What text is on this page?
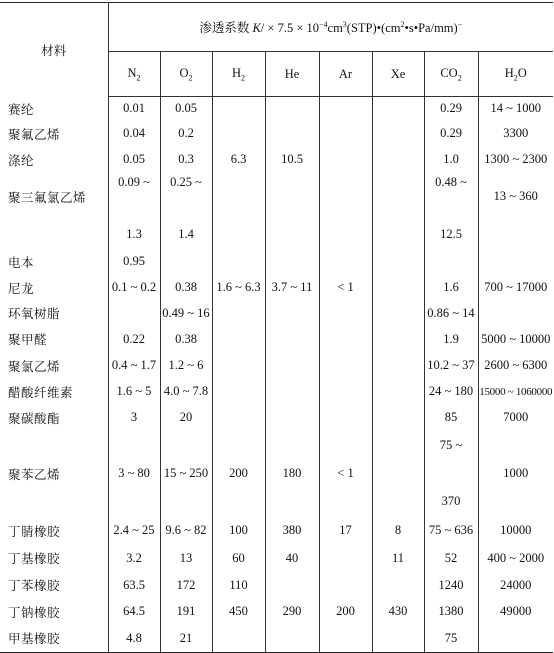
材料	渗透系数 $K/ \times 7.5 \times 10^{-4}cm^3(STP)•(cm^2•s•Pa/mm)^-$
	$N_2$	$O_2$	$H_2$	He	Ar	Xe	$CO_2$	$H_2O$
赛纶	0.01	0.05					0.29	14 ~ 1000
聚氟乙烯	0.04	0.2					0.29	3300
涤纶	0.05	0.3	6.3	10.5			1.0	1300 ~ 2300
聚三氟氯乙烯	0.09 ~	0.25 ~					0.48 ~	13 ~ 360

	1.3	1.4					12.5	
电本	0.95							
尼龙	0.1 ~ 0.2	0.38	1.6 ~ 6.3	3.7 ~ 11	< 1		1.6	700 ~ 17000
环氧树脂		0.49 ~ 16					0.86 ~ 14	
聚甲醛	0.22	0.38					1.9	5000 ~ 10000
聚氯乙烯	0.4 ~ 1.7	1.2 ~ 6					10.2 ~ 37	2600 ~ 6300
醋酸纤维素	1.6 ~ 5	4.0 ~ 7.8					24 ~ 180	15000 ~ 1060000
聚碳酸酯	3	20					85	7000
聚苯乙烯	3 ~ 80	15 ~ 250	200	180	< 1		75 ~	1000

							370	
丁腈橡胶	2.4 ~ 25	9.6 ~ 82	100	380	17	8	75 ~ 636	10000
丁基橡胶	3.2	13	60	40		11	52	400 ~ 2000
丁苯橡胶	63.5	172	110				1240	24000
丁钠橡胶	64.5	191	450	290	200	430	1380	49000
甲基橡胶	4.8	21					75	
